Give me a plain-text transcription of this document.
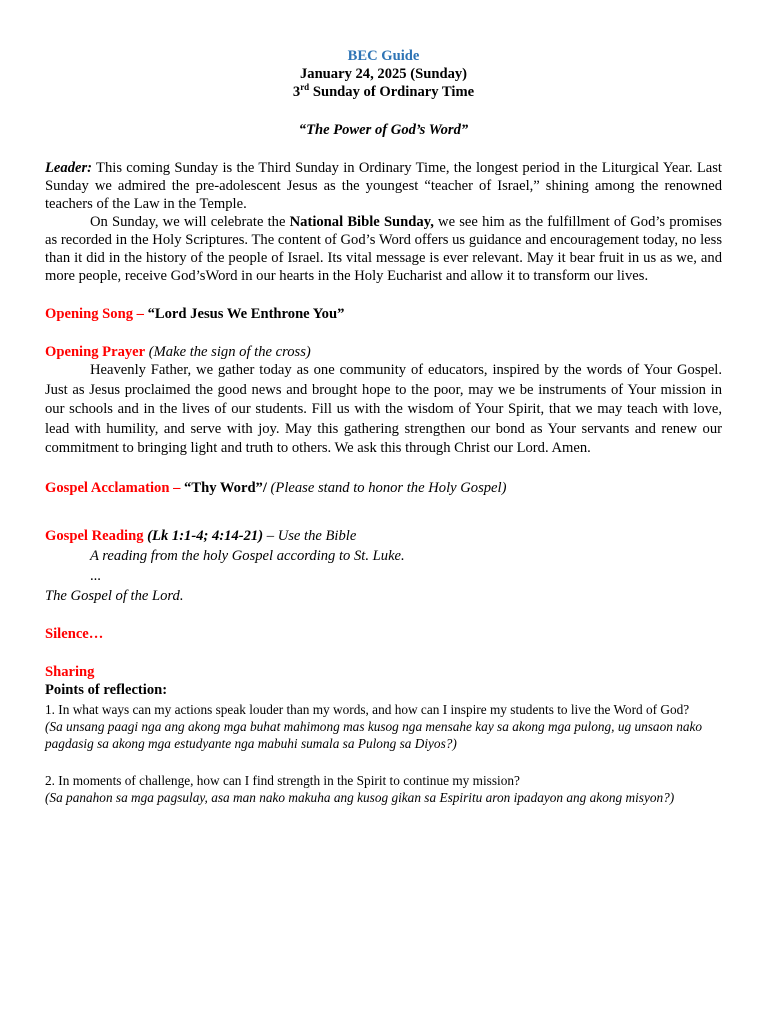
BEC Guide
January 24, 2025 (Sunday)
3rd Sunday of Ordinary Time
“The Power of God’s Word”
Leader: This coming Sunday is the Third Sunday in Ordinary Time, the longest period in the Liturgical Year. Last Sunday we admired the pre-adolescent Jesus as the youngest “teacher of Israel,” shining among the renowned teachers of the Law in the Temple.
On Sunday, we will celebrate the National Bible Sunday, we see him as the fulfillment of God’s promises as recorded in the Holy Scriptures. The content of God’s Word offers us guidance and encouragement today, no less than it did in the history of the people of Israel. Its vital message is ever relevant. May it bear fruit in us as we, and more people, receive God’sWord in our hearts in the Holy Eucharist and allow it to transform our lives.
Opening Song – “Lord Jesus We Enthrone You”
Opening Prayer (Make the sign of the cross)
Heavenly Father, we gather today as one community of educators, inspired by the words of Your Gospel. Just as Jesus proclaimed the good news and brought hope to the poor, may we be instruments of Your mission in our schools and in the lives of our students. Fill us with the wisdom of Your Spirit, that we may teach with love, lead with humility, and serve with joy. May this gathering strengthen our bond as Your servants and renew our commitment to bringing light and truth to others. We ask this through Christ our Lord. Amen.
Gospel Acclamation – “Thy Word”/ (Please stand to honor the Holy Gospel)
Gospel Reading (Lk 1:1-4; 4:14-21) – Use the Bible
A reading from the holy Gospel according to St. Luke.
...
The Gospel of the Lord.
Silence…
Sharing
Points of reflection:
1. In what ways can my actions speak louder than my words, and how can I inspire my students to live the Word of God?
(Sa unsang paagi nga ang akong mga buhat mahimong mas kusog nga mensahe kay sa akong mga pulong, ug unsaon nako pagdasig sa akong mga estudyante nga mabuhi sumala sa Pulong sa Diyos?)
2. In moments of challenge, how can I find strength in the Spirit to continue my mission?
(Sa panahon sa mga pagsulay, asa man nako makuha ang kusog gikan sa Espiritu aron ipadayon ang akong misyon?)
